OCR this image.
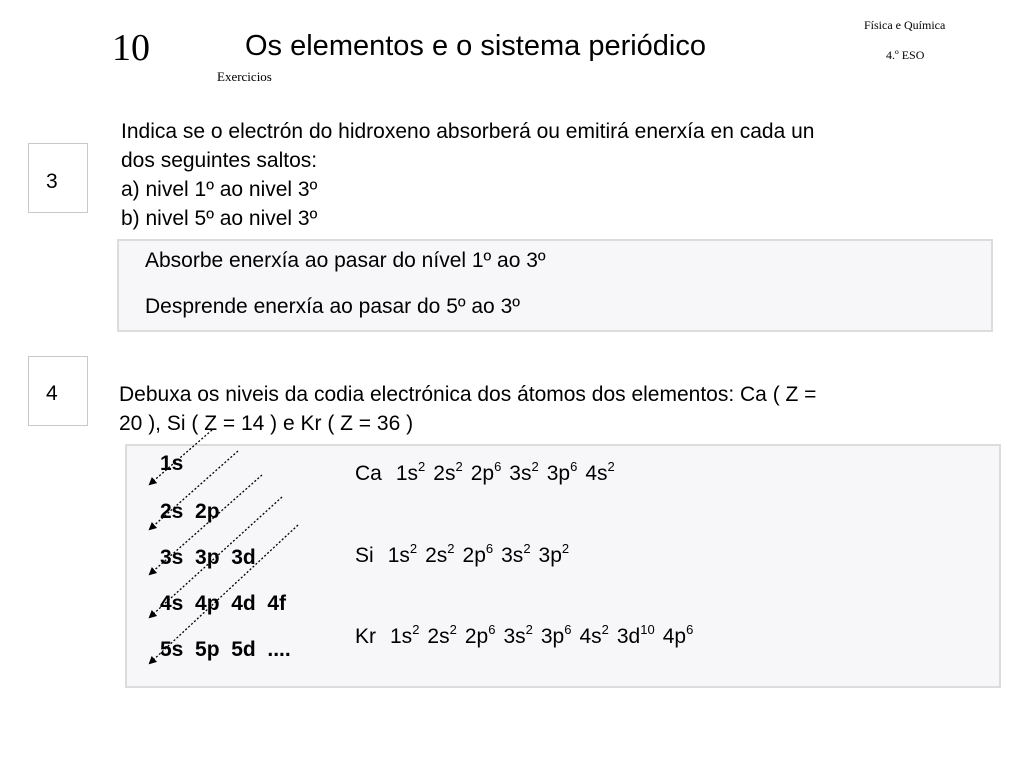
10	Os elementos e o sistema periódico
Exercicios
Física e Química
4.º ESO
3
Indica se o electrón do hidroxeno absorberá ou emitirá enerxía en cada un
dos seguintes saltos:
a) nivel 1º ao nivel 3º
b) nivel 5º ao nivel 3º
Absorbe enerxía ao pasar do nível 1º ao 3º
Desprende enerxía ao pasar do 5º ao 3º
4	Debuxa os niveis da codia electrónica dos átomos dos elementos: Ca ( Z =
20 ), Si ( Z = 14 ) e Kr ( Z = 36 )
1s
2s  2p
3s  3p  3d
4s  4p  4d  4f
5s  5p  5d  ....
Ca $1s^2$ $2s^2$ $2p^6$ $3s^2$ $3p^6$ $4s^2$
Si $1s^2$ $2s^2$ $2p^6$ $3s^2$ $3p^2$
Kr $1s^2$ $2s^2$ $2p^6$ $3s^2$ $3p^6$ $4s^2$ $3d^{10}$ $4p^6$
